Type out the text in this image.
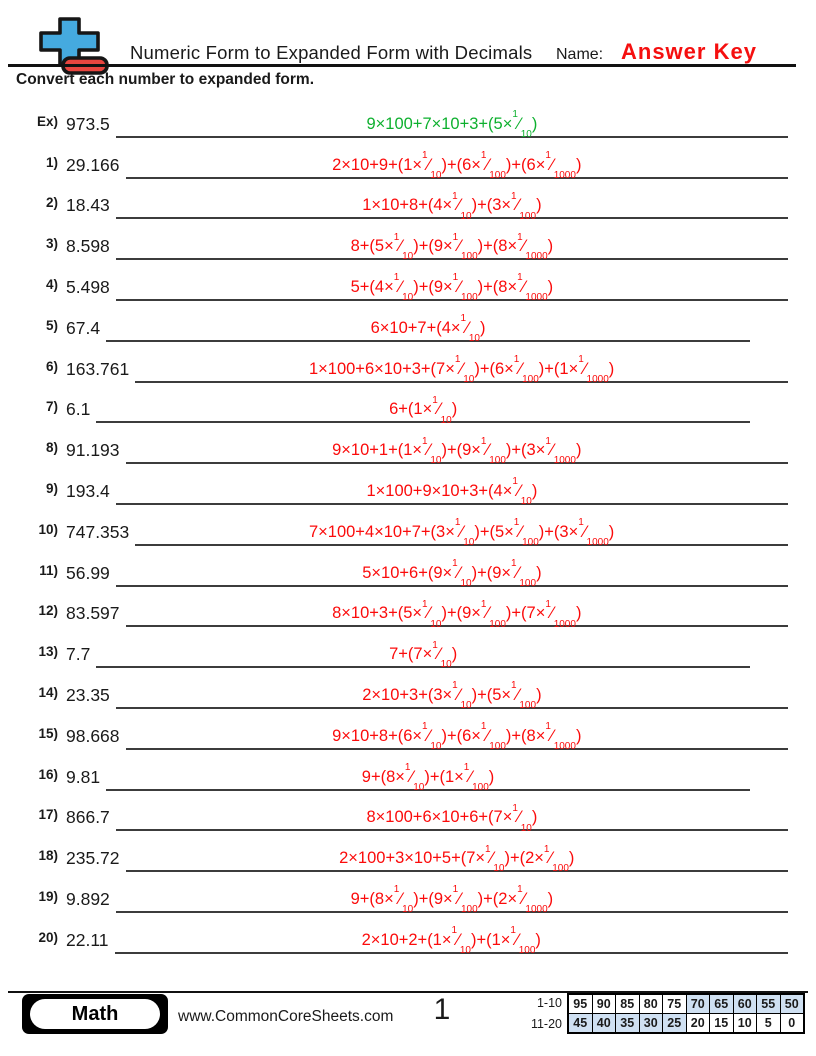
Numeric Form to Expanded Form with Decimals Name: Answer Key
Convert each number to expanded form.
Ex) 973.5	$9\times 100+7\times 10+3+(5\times^1⁄_{10})$
1) 29.166	$2\times 10+9+(1\times^1⁄_{10})+(6\times^1⁄_{100})+(6\times^1⁄_{1000})$
2) 18.43	$1\times 10+8+(4\times^1⁄_{10})+(3\times^1⁄_{100})$
3) 8.598	$8+(5\times^1⁄_{10})+(9\times^1⁄_{100})+(8\times^1⁄_{1000})$
4) 5.498	$5+(4\times^1⁄_{10})+(9\times^1⁄_{100})+(8\times^1⁄_{1000})$
5) 67.4	$6\times 10+7+(4\times^1⁄_{10})$
6) 163.761	$1\times 100+6\times 10+3+(7\times^1⁄_{10})+(6\times^1⁄_{100})+(1\times^1⁄_{1000})$
7) 6.1	$6+(1\times^1⁄_{10})$
8) 91.193	$9\times 10+1+(1\times^1⁄_{10})+(9\times^1⁄_{100})+(3\times^1⁄_{1000})$
9) 193.4	$1\times 100+9\times 10+3+(4\times^1⁄_{10})$
10) 747.353	$7\times 100+4\times 10+7+(3\times^1⁄_{10})+(5\times^1⁄_{100})+(3\times^1⁄_{1000})$
11) 56.99	$5\times 10+6+(9\times^1⁄_{10})+(9\times^1⁄_{100})$
12) 83.597	$8\times 10+3+(5\times^1⁄_{10})+(9\times^1⁄_{100})+(7\times^1⁄_{1000})$
13) 7.7	$7+(7\times^1⁄_{10})$
14) 23.35	$2\times 10+3+(3\times^1⁄_{10})+(5\times^1⁄_{100})$
15) 98.668	$9\times 10+8+(6\times^1⁄_{10})+(6\times^1⁄_{100})+(8\times^1⁄_{1000})$
16) 9.81	$9+(8\times^1⁄_{10})+(1\times^1⁄_{100})$
17) 866.7	$8\times 100+6\times 10+6+(7\times^1⁄_{10})$
18) 235.72	$2\times 100+3\times 10+5+(7\times^1⁄_{10})+(2\times^1⁄_{100})$
19) 9.892	$9+(8\times^1⁄_{10})+(9\times^1⁄_{100})+(2\times^1⁄_{1000})$
20) 22.11	$2\times 10+2+(1\times^1⁄_{10})+(1\times^1⁄_{100})$
Math	www.CommonCoreSheets.com	1	1-10 95 90 85 80 75 70 65 60 55 50
11-20 45 40 35 30 25 20 15 10	5	0
